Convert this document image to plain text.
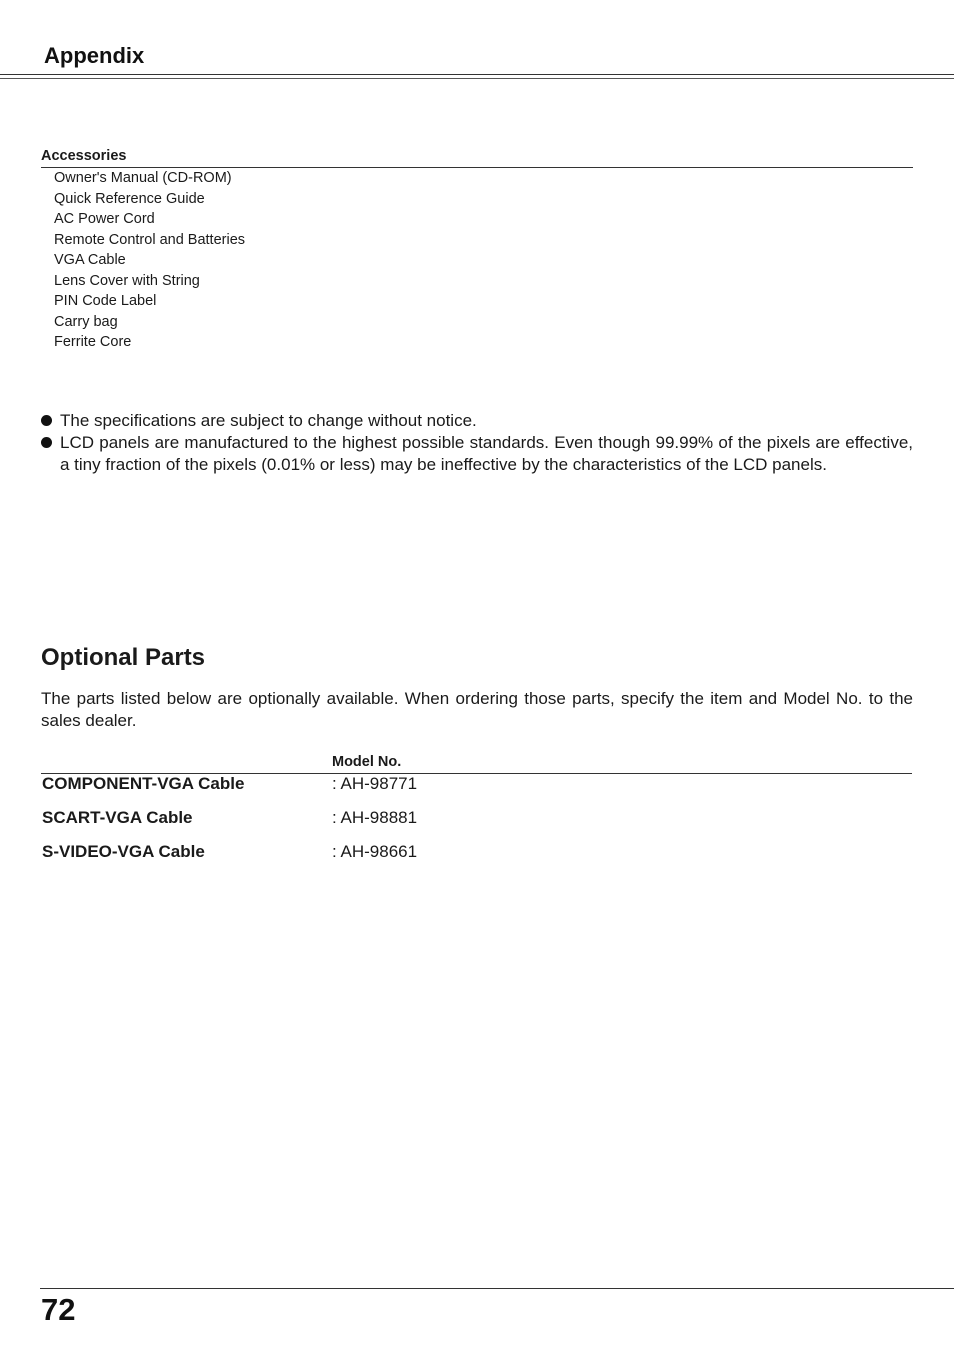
Appendix
Accessories
Owner's Manual (CD-ROM)
Quick Reference Guide
AC Power Cord
Remote Control and Batteries
VGA Cable
Lens Cover with String
PIN Code Label
Carry bag
Ferrite Core
The specifications are subject to change without notice.
LCD panels are manufactured to the highest possible standards. Even though 99.99% of the pixels are effective, a tiny fraction of the pixels (0.01% or less) may be ineffective by the characteristics of the LCD panels.
Optional Parts

The parts listed below are optionally available. When ordering those parts, specify the item and Model No. to the sales dealer.

Model No.
COMPONENT-VGA Cable	: AH-98771
SCART-VGA Cable	: AH-98881
S-VIDEO-VGA Cable	: AH-98661
72
